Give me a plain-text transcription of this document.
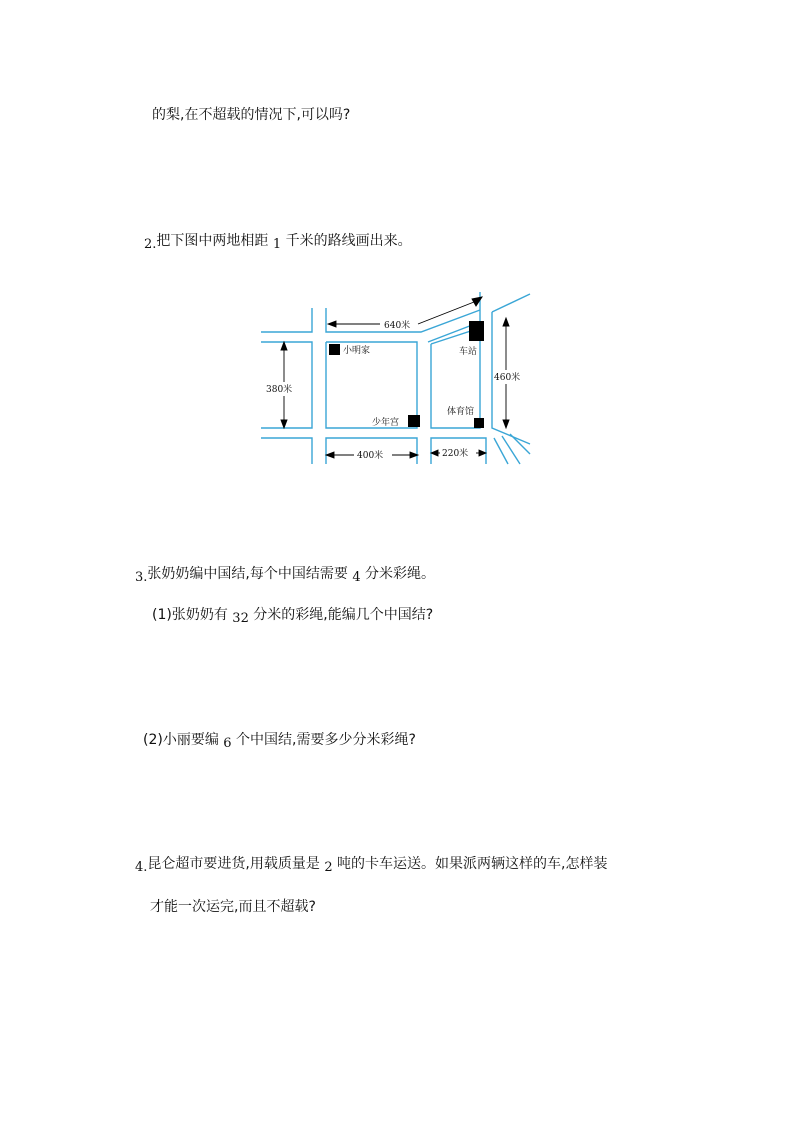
的梨,在不超载的情况下,可以吗?
2.把下图中两地相距 1 千米的路线画出来。
小明家
少年宫
车站
体育馆
640米
380米
460米
400米	220米
3.张奶奶编中国结,每个中国结需要 4 分米彩绳。
(1)张奶奶有 32 分米的彩绳,能编几个中国结?
(2)小丽要编 6 个中国结,需要多少分米彩绳?
4.昆仑超市要进货,用载质量是 2 吨的卡车运送。如果派两辆这样的车,怎样装
才能一次运完,而且不超载?
